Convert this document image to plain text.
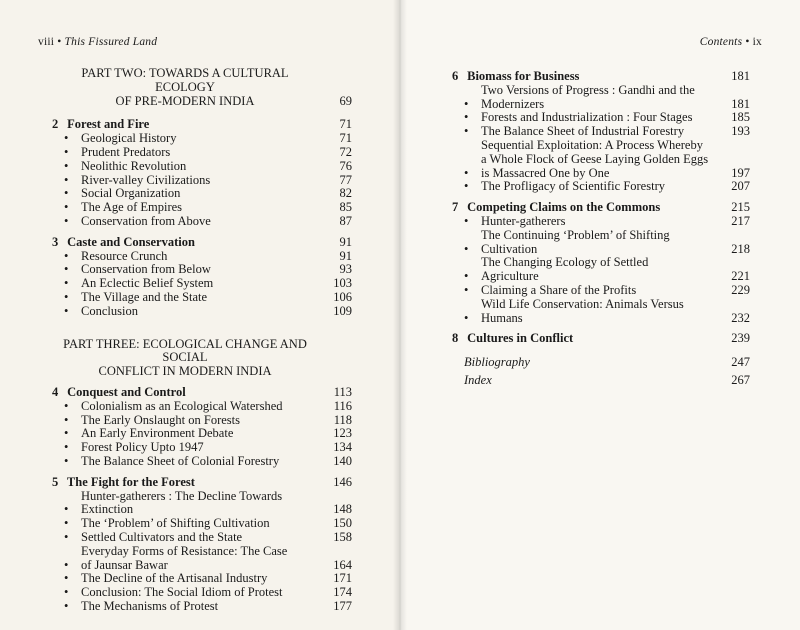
viii • This Fissured Land
PART TWO: TOWARDS A CULTURAL ECOLOGY
OF PRE-MODERN INDIA	69
2 Forest and Fire	71
•	Geological History	71
•	Prudent Predators	72
•	Neolithic Revolution	76
•	River-valley Civilizations	77
•	Social Organization	82
•	The Age of Empires	85
•	Conservation from Above	87
3 Caste and Conservation	91
•	Resource Crunch	91
•	Conservation from Below	93
•	An Eclectic Belief System	103
•	The Village and the State	106
•	Conclusion	109
PART THREE: ECOLOGICAL CHANGE AND SOCIAL
CONFLICT IN MODERN INDIA
4 Conquest and Control	113
•	Colonialism as an Ecological Watershed	116
•	The Early Onslaught on Forests	118
•	An Early Environment Debate	123
•	Forest Policy Upto 1947	134
•	The Balance Sheet of Colonial Forestry	140
5 The Fight for the Forest	146
•
Hunter-gatherers : The Decline Towards
Extinction	148
•	The ‘Problem’ of Shifting Cultivation	150
•	Settled Cultivators and the State	158
•
Everyday Forms of Resistance: The Case
of Jaunsar Bawar	164
•	The Decline of the Artisanal Industry	171
•	Conclusion: The Social Idiom of Protest	174
•	The Mechanisms of Protest	177
Contents • ix
6 Biomass for Business	181
•
Two Versions of Progress : Gandhi and the
Modernizers	181
•	Forests and Industrialization : Four Stages	185
•	The Balance Sheet of Industrial Forestry	193
•
Sequential Exploitation: A Process Whereby
a Whole Flock of Geese Laying Golden Eggs
is Massacred One by One	197
•	The Profligacy of Scientific Forestry	207
7 Competing Claims on the Commons	215
•	Hunter-gatherers	217
•
The Continuing ‘Problem’ of Shifting
Cultivation	218
•
The Changing Ecology of Settled
Agriculture	221
•	Claiming a Share of the Profits	229
•
Wild Life Conservation: Animals Versus
Humans	232
8 Cultures in Conflict	239
Bibliography	247
Index	267
